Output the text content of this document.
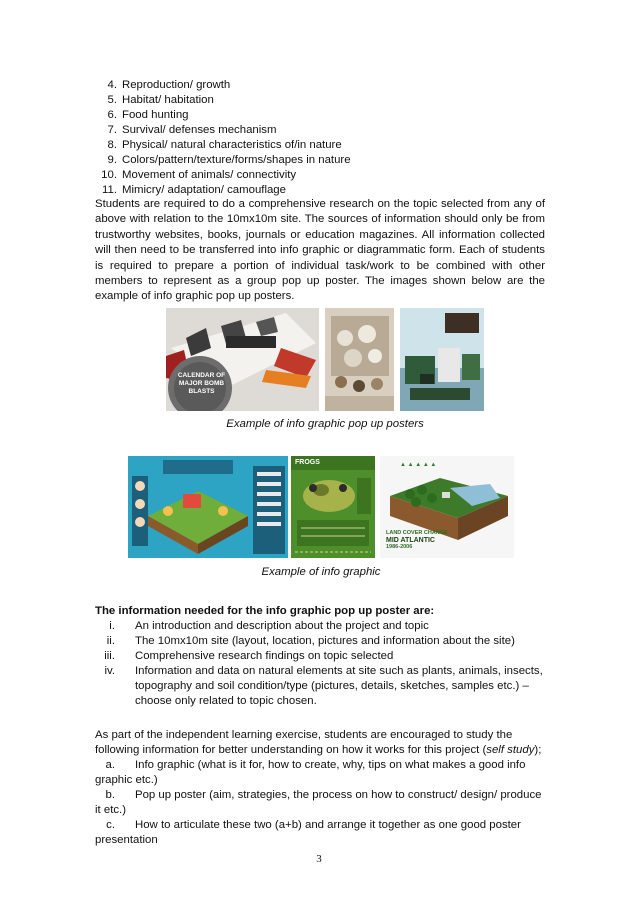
4. Reproduction/ growth
5. Habitat/ habitation
6. Food hunting
7. Survival/ defenses mechanism
8. Physical/ natural characteristics of/in nature
9. Colors/pattern/texture/forms/shapes in nature
10. Movement of animals/ connectivity
11. Mimicry/ adaptation/ camouflage

Students are required to do a comprehensive research on the topic selected from any of above with relation to the 10mx10m site. The sources of information should only be from trustworthy websites, books, journals or education magazines. All information collected will then need to be transferred into info graphic or diagrammatic form. Each of students is required to prepare a portion of individual task/work to be combined with other members to represent as a group pop up poster. The images shown below are the example of info graphic pop up posters.

CALENDAR OF
MAJOR BOMB BLASTS
Example of info graphic pop up posters
FROGS	▲ ▲ ▲ ▲ ▲
LAND COVER CHANGE
MID ATLANTIC
1986-2006
Example of info graphic
The information needed for the info graphic pop up poster are:
i.	An introduction and description about the project and topic
ii.	The 10mx10m site (layout, location, pictures and information about the site)
iii.	Comprehensive research findings on topic selected
iv.	Information and data on natural elements at site such as plants, animals, insects, topography and soil condition/type (pictures, details, sketches, samples etc.) – choose only related to topic chosen.

As part of the independent learning exercise, students are encouraged to study the following information for better understanding on how it works for this project (self study);

a. Info graphic (what is it for, how to create, why, tips on what makes a good info graphic etc.)
b. Pop up poster (aim, strategies, the process on how to construct/ design/ produce it etc.)
c. How to articulate these two (a+b) and arrange it together as one good poster presentation
3
